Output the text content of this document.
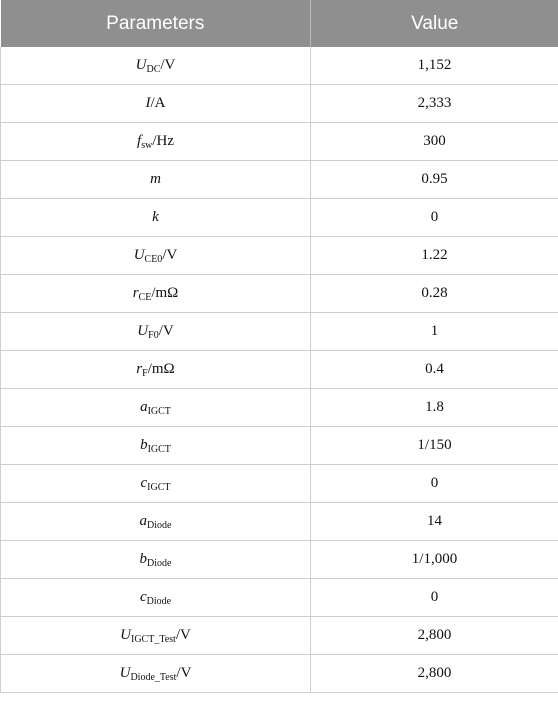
Parameters	Value
$U_{DC}/V$	1,152
I/A	2,333
$f_{sw}/Hz$	300
m	0.95
k	0
$U_{CE0}/V$	1.22
$r_{CE}/m\Omega$	0.28
$U_{F0}/V$	1
$r_F/m\Omega$	0.4
$a_{IGCT}$	1.8
$b_{IGCT}$	1/150
$c_{IGCT}$	0
$a_{Diode}$	14
$b_{Diode}$	1/1,000
$c_{Diode}$	0
$U_{IGCT\_Test}/V$	2,800
$U_{Diode\_Test}/V$	2,800
